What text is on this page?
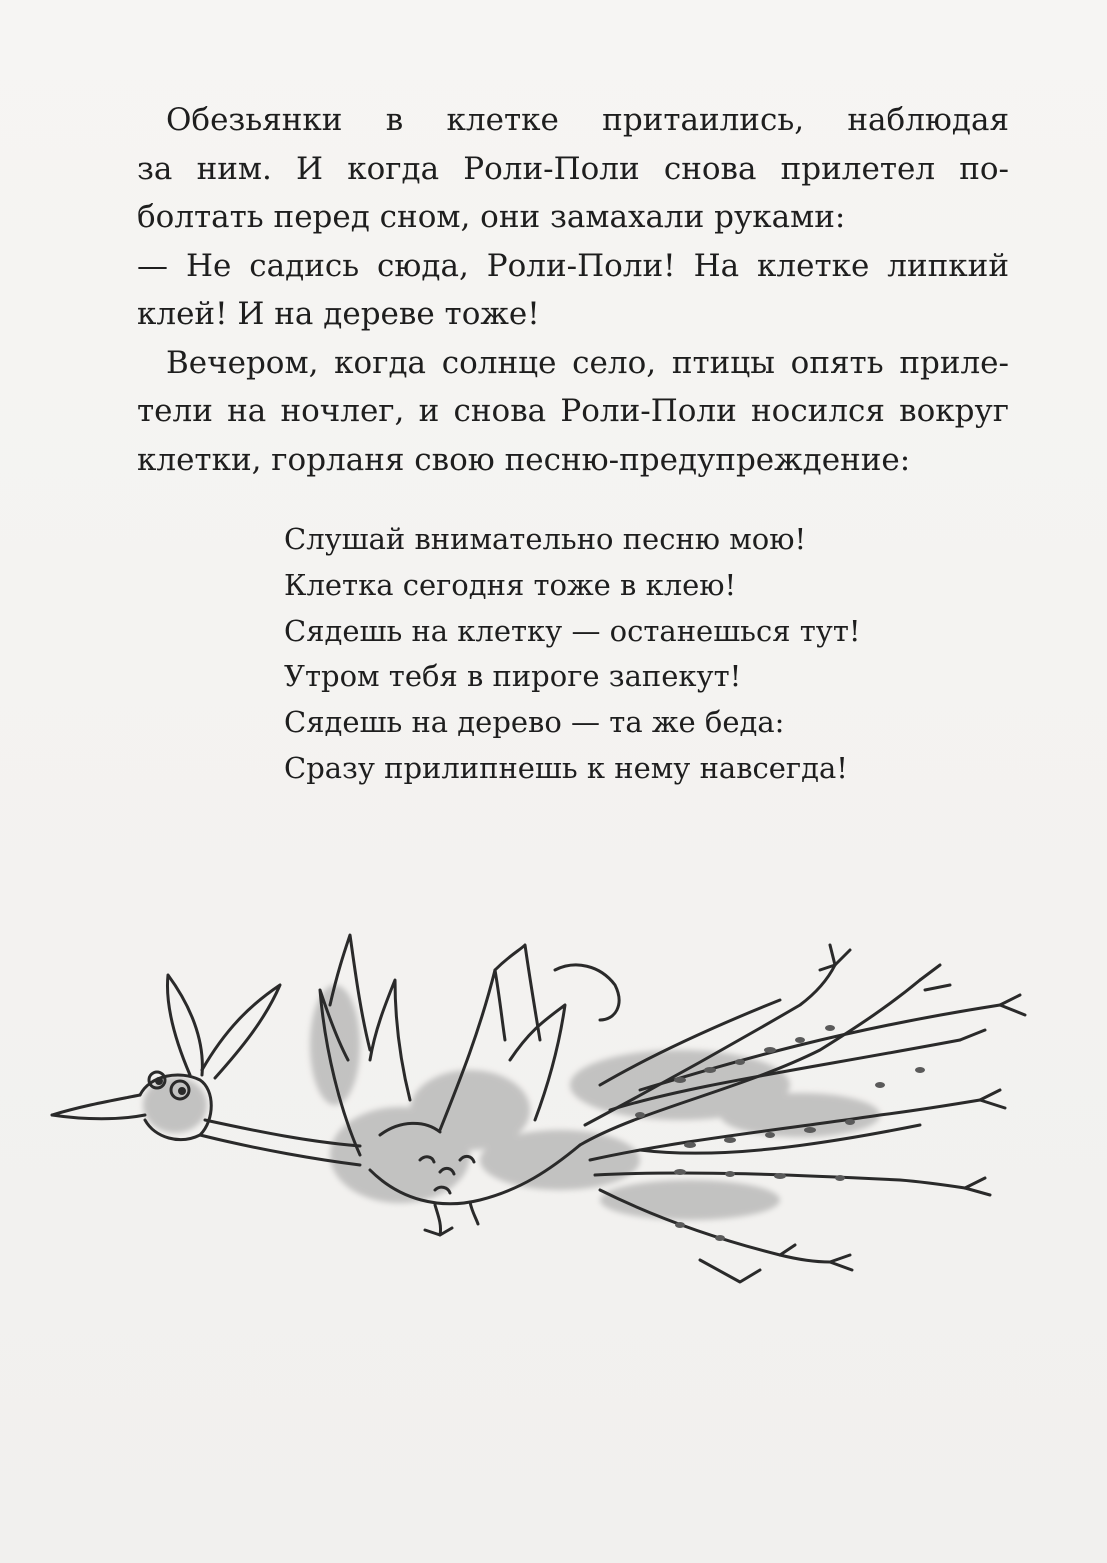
Обезьянки в клетке притаились, наблюдая
за ним. И когда Роли-Поли снова прилетел по-
болтать перед сном, они замахали руками:
— Не садись сюда, Роли-Поли! На клетке липкий
клей! И на дереве тоже!
Вечером, когда солнце село, птицы опять приле-
тели на ночлег, и снова Роли-Поли носился вокруг
клетки, горланя свою песню-предупреждение:
Слушай внимательно песню мою!
Клетка сегодня тоже в клею!
Сядешь на клетку — останешься тут!
Утром тебя в пироге запекут!
Сядешь на дерево — та же беда:
Сразу прилипнешь к нему навсегда!
